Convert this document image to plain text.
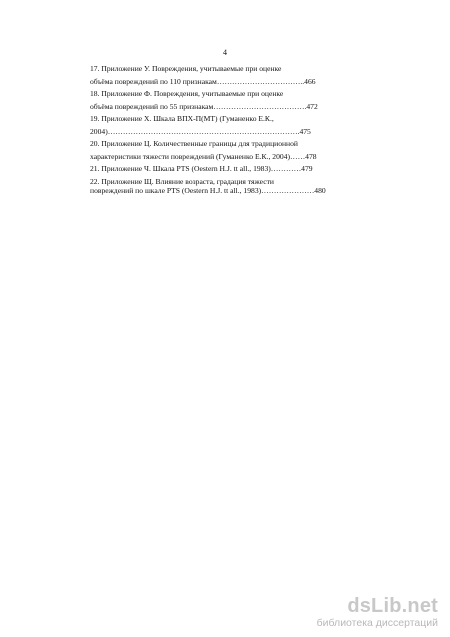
4
17. Приложение У. Повреждения, учитываемые при оценке
объёма повреждений по 110 признакам……………………………..466
18. Приложение Ф. Повреждения, учитываемые при оценке
объёма повреждений по 55 признакам……………………………….472
19. Приложение Х. Шкала ВПХ-П(МТ) (Гуманенко Е.К.,
2004)………………………………………………………………….475
20. Приложение Ц. Количественные границы для традиционной
характеристики тяжести повреждений (Гуманенко Е.К., 2004)……478
21. Приложение Ч. Шкала PTS (Oestern H.J. tt all., 1983)…………479
22. Приложение Щ. Влияние возраста, градация тяжести
повреждений по шкале PTS (Oestern H.J. tt all., 1983)…………………480
dsLib.net
библиотека диссертаций
